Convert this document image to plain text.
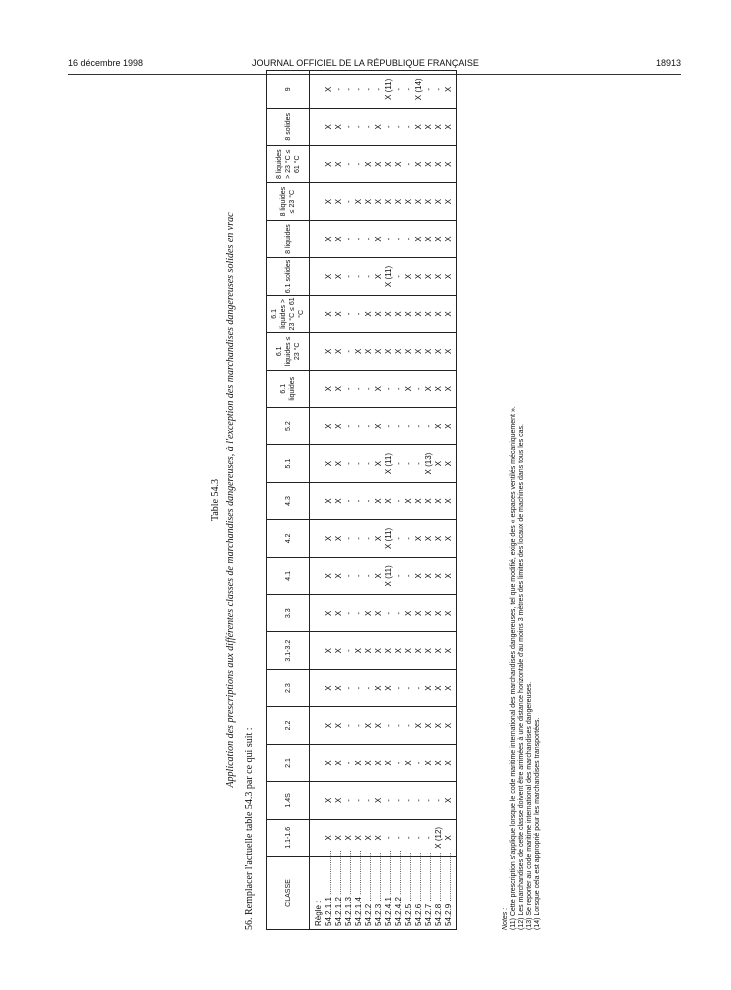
16 décembre 1998	JOURNAL OFFICIEL DE LA RÉPUBLIQUE FRANÇAISE	18913
Table 54.3 Application des prescriptions aux différentes classes de marchandises dangereuses, à l'exception des marchandises dangereuses solides en vrac
56. Remplacer l'actuelle table 54.3 par ce qui suit :	CLASSE	1.1-1.6	1.4S	2.1	2.2	2.3	3.1-3.2	3.3	4.1	4.2	4.3	5.1	5.2	6.1 liquides	6.1 liquides ≤ 23 °C	6.1 liquides > 23 °C ≤ 61 °C	6.1 solides	8 liquides	8 liquides ≤ 23 °C	8 liquides > 23 °C ≤ 61 °C	8 solides	9
Règle :																					
54.2.1.1 ....................	X	X	X	X	X	X	X	X	X	X	X	X	X	X	X	X	X	X	X	X	X
54.2.1.2 ....................	X	X	X	X	X	X	X	X	X	X	X	X	X	X	X	X	X	X	X	X	-
54.2.1.3 ....................	X	-	-	-	-	-	-	-	-	-	-	-	-	-	-	-	-	-	-	-	-
54.2.1.4 ....................	X	-	X	-	-	X	-	-	-	-	-	-	-	X	-	-	-	X	-	-	-
54.2.2 ......................	X	-	X	X	-	X	X	-	-	-	-	-	-	X	X	-	-	X	X	-	-
54.2.3 ......................	X	X	X	X	X	X	X	X	X	X	X	X	X	X	X	X	X	X	X	X	-
54.2.4.1 ....................	-	-	X	-	X	X	-	X (11)	X (11)	X	X (11)	-	-	X	X	X (11)	-	X	X	-	X (11)
54.2.4.2 ....................	-	-	-	-	-	X	-	-	-	-	-	-	-	X	X	-	-	X	X	-	-
54.2.5 ......................	-	-	X	-	-	X	X	-	-	X	-	-	X	X	X	X	-	X	-	-	-
54.2.6 ......................	-	-	-	X	-	X	X	X	X	X	-	-	-	X	X	X	X	X	X	X	X (14)
54.2.7 ......................	-	-	X	X	X	X	X	X	X	X	X (13)	-	X	X	X	X	X	X	X	X	-
54.2.8 ......................	X (12)	-	X	X	X	X	X	X	X	X	X	X	X	X	X	X	X	X	X	X	-
54.2.9 ......................	X	X	X	X	X	X	X	X	X	X	X	X	X	X	X	X	X	X	X	X	X
Notes : (11) Cette prescription s'applique lorsque le code maritime international des marchandises dangereuses, tel que modifié, exige des « espaces ventilés mécaniquement ». (12) Les marchandises de cette classe doivent être arrimées à une distance horizontale d'au moins 3 mètres des limites des locaux de machines dans tous les cas. (13) Se reporter au code maritime international des marchandises dangereuses. (14) Lorsque cela est approprié pour les marchandises transportées.
